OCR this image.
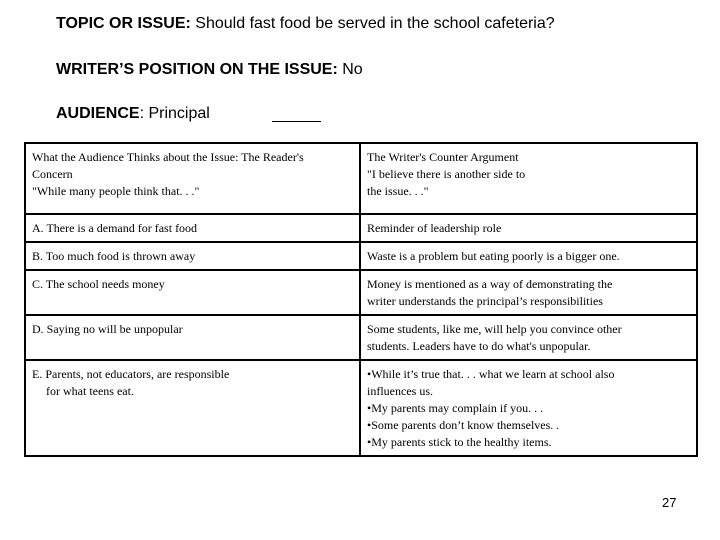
TOPIC OR ISSUE: Should fast food be served in the school cafeteria?
WRITER’S POSITION ON THE ISSUE: No
AUDIENCE: Principal
What the Audience Thinks about the Issue: The Reader's
Concern
"While many people think that. . ."	The Writer's Counter Argument
"I believe there is another side to
the issue. . ."

A. There is a demand for fast food	Reminder of leadership role

B. Too much food is thrown away	Waste is a problem but eating poorly is a bigger one.

C. The school needs money	Money is mentioned as a way of demonstrating the
writer understands the principal’s responsibilities

D. Saying no will be unpopular	Some students, like me, will help you convince other
students. Leaders have to do what's unpopular.

E. Parents, not educators, are responsible
for what teens eat.	•While it’s true that. . . what we learn at school also
influences us.
•My parents may complain if you. . .
•Some parents don’t know themselves. .
•My parents stick to the healthy items.
27
